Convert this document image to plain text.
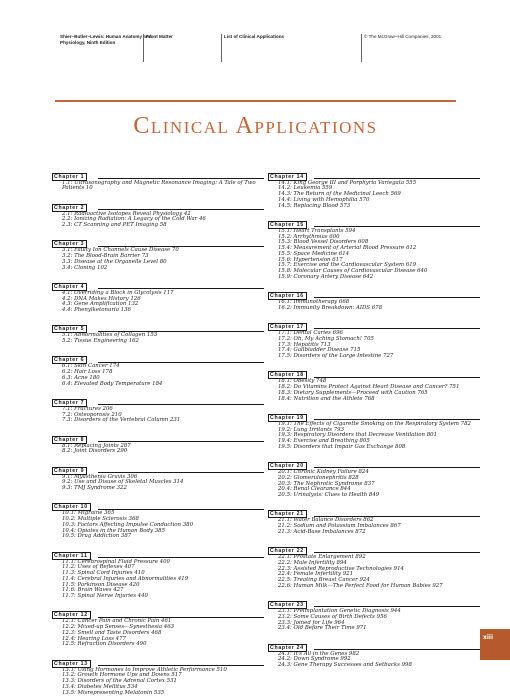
Shier−Butler−Lewis: Human Anatomy and Physiology, Ninth Edition
Front Matter	List of Clinical Applications	© The McGraw−Hill Companies, 2001
Clinical Applications
Chapter 1
1.1: Ultrasonography and Magnetic Resonance Imaging: A Tale of Two Patients 10
Chapter 2
2.1: Radioactive Isotopes Reveal Physiology 42
2.2: Ionizing Radiation: A Legacy of the Cold War 46
2.3: CT Scanning and PET Imaging 58
Chapter 3
3.1: Faulty Ion Channels Cause Disease 70
3.2: The Blood-Brain Barrier 73
3.3: Disease at the Organelle Level 80
3.4: Cloning 102
Chapter 4
4.1: Overriding a Block in Glycolysis 117
4.2: DNA Makes History 126
4.3: Gene Amplification 132
4.4: Phenylketonuria 136
Chapter 5
5.1: Abnormalities of Collagen 153
5.2: Tissue Engineering 162
Chapter 6
6.1: Skin Cancer 174
6.2: Hair Loss 178
6.3: Acne 180
6.4: Elevated Body Temperature 184
Chapter 7
7.1: Fractures 206
7.2: Osteoporosis 210
7.3: Disorders of the Vertebral Column 231
Chapter 8
8.1: Replacing Joints 287
8.2: Joint Disorders 290
Chapter 9
9.1: Myasthenia Gravis 306
9.2: Use and Disuse of Skeletal Muscles 314
9.3: TMJ Syndrome 322
Chapter 10
10.1: Migraine 365
10.2: Multiple Sclerosis 368
10.3: Factors Affecting Impulse Conduction 380
10.4: Opiates in the Human Body 385
10.5: Drug Addiction 387
Chapter 11
11.1: Cerebrospinal Fluid Pressure 400
11.2: Uses of Reflexes 407
11.3: Spinal Cord Injuries 410
11.4: Cerebral Injuries and Abnormalities 419
11.5: Parkinson Disease 420
11.6: Brain Waves 427
11.7: Spinal Nerve Injuries 440
Chapter 12
12.1: Cancer Pain and Chronic Pain 461
12.2: Mixed-up Senses—Synesthesia 463
12.3: Smell and Taste Disorders 468
12.4: Hearing Loss 477
12.5: Refraction Disorders 490
Chapter 13
13.1: Using Hormones to Improve Athletic Performance 510
13.2: Growth Hormone Ups and Downs 517
13.3: Disorders of the Adrenal Cortex 531
13.4: Diabetes Mellitus 534
13.5: Misrepresenting Melatonin 535
Chapter 14
14.1: King George III and Porphyria Variegata 555
14.2: Leukemia 559
14.3: The Return of the Medicinal Leech 569
14.4: Living with Hemophilia 570
14.5: Replacing Blood 573
Chapter 15
15.1: Heart Transplants 594
15.2: Arrhythmias 600
15.3: Blood Vessel Disorders 608
15.4: Measurement of Arterial Blood Pressure 612
15.5: Space Medicine 614
15.6: Hypertension 617
15.7: Exercise and the Cardiovascular System 619
15.8: Molecular Causes of Cardiovascular Disease 640
15.9: Coronary Artery Disease 642
Chapter 16
16.1: Immunotherapy 668
16.2: Immunity Breakdown: AIDS 678
Chapter 17
17.1: Dental Caries 696
17.2: Oh, My Aching Stomach! 705
17.3: Hepatitis 713
17.4: Gallbladder Disease 715
17.5: Disorders of the Large Intestine 727
Chapter 18
18.1: Obesity 748
18.2: Do Vitamins Protect Against Heart Disease and Cancer? 751
18.3: Dietary Supplements—Proceed with Caution 765
18.4: Nutrition and the Athlete 768
Chapter 19
19.1: The Effects of Cigarette Smoking on the Respiratory System 782
19.2: Lung Irritants 793
19.3: Respiratory Disorders that Decrease Ventilation 801
19.4: Exercise and Breathing 805
19.5: Disorders that Impair Gas Exchange 808
Chapter 20
20.1: Chronic Kidney Failure 824
20.2: Glomerulonephritis 828
20.3: The Nephrotic Syndrome 837
20.4: Renal Clearance 844
20.5: Urinalysis: Clues to Health 849
Chapter 21
21.1: Water Balance Disorders 862
21.2: Sodium and Potassium Imbalances 867
21.3: Acid-Base Imbalances 872
Chapter 22
22.1: Prostate Enlargement 892
22.2: Male Infertility 894
22.3: Assisted Reproductive Technologies 914
22.4: Female Infertility 921
22.5: Treating Breast Cancer 924
22.6: Human Milk—The Perfect Food for Human Babies 927
Chapter 23
23.1: Preimplantation Genetic Diagnosis 944
23.2: Some Causes of Birth Defects 956
23.3: Joined for Life 964
23.4: Old Before Their Time 971
Chapter 24
24.1: It's All in the Genes 982
24.2: Down Syndrome 992
24.3: Gene Therapy Successes and Setbacks 998
xiii
